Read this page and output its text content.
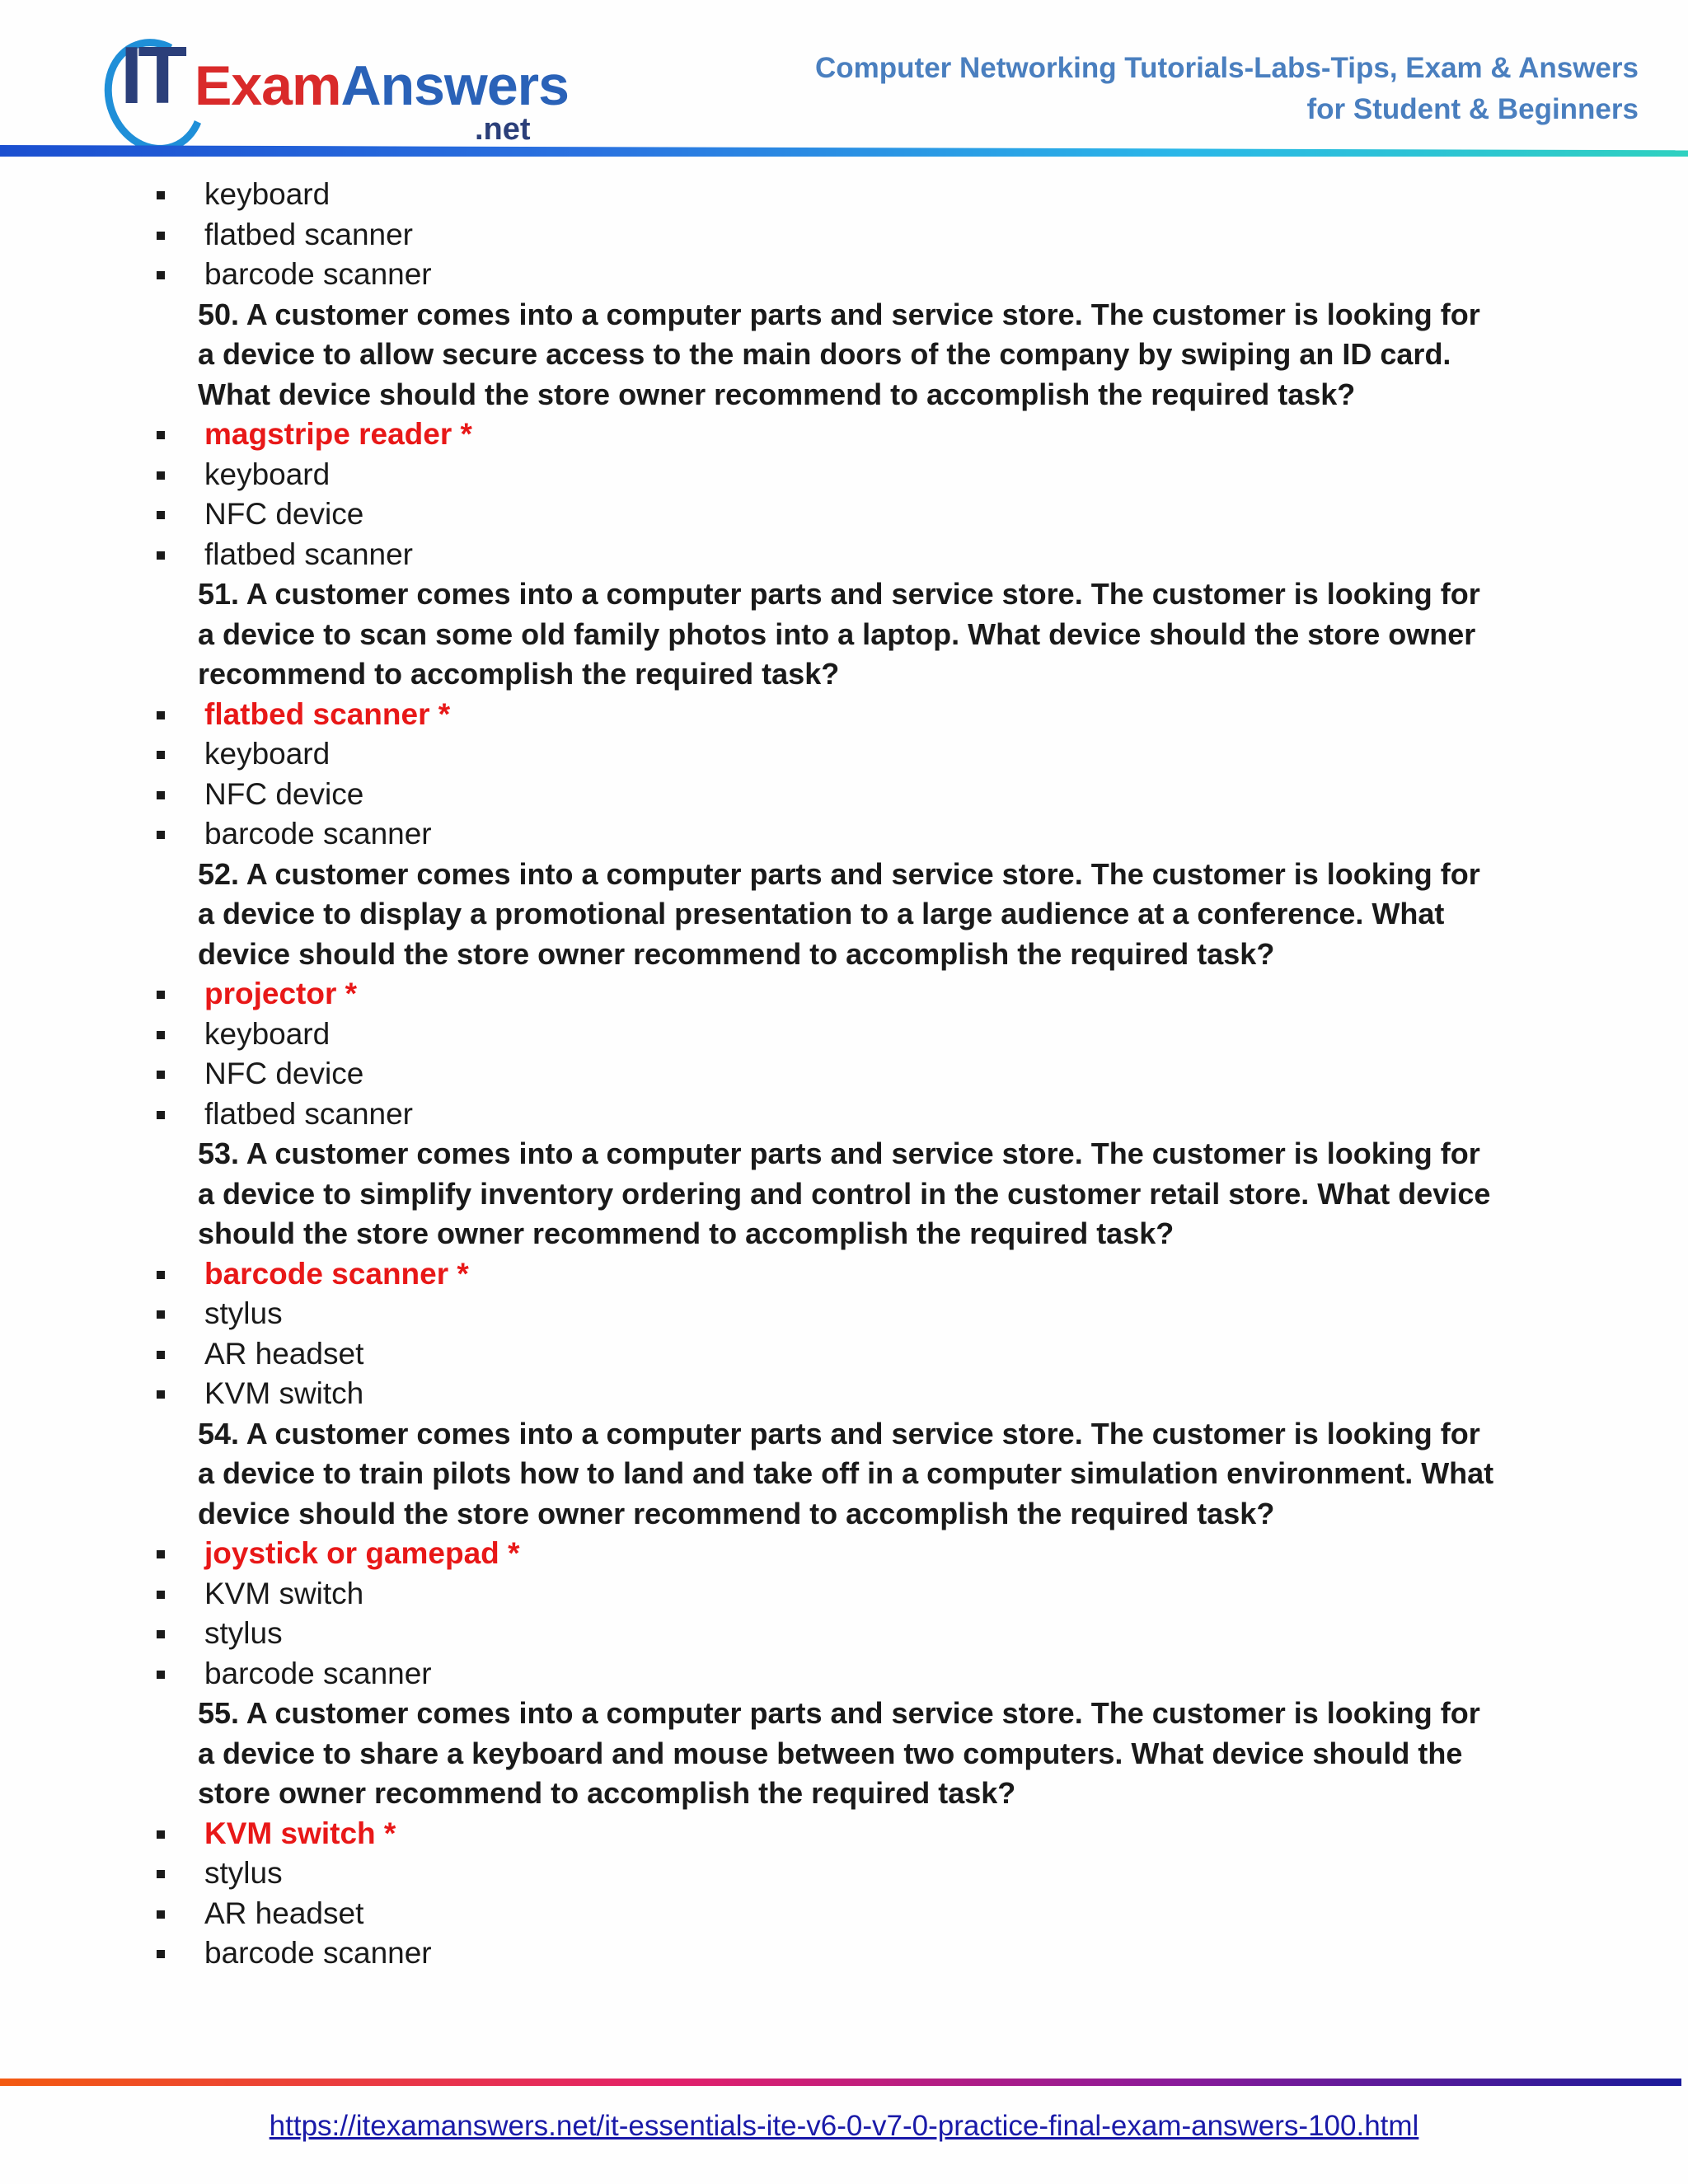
IT ExamAnswers
.net
Computer Networking Tutorials-Labs-Tips, Exam & Answers
for Student & Beginners
keyboard
flatbed scanner
barcode scanner
50. A customer comes into a computer parts and service store. The customer is looking for a device to allow secure access to the main doors of the company by swiping an ID card. What device should the store owner recommend to accomplish the required task?
magstripe reader *
keyboard
NFC device
flatbed scanner
51. A customer comes into a computer parts and service store. The customer is looking for a device to scan some old family photos into a laptop. What device should the store owner recommend to accomplish the required task?
flatbed scanner *
keyboard
NFC device
barcode scanner
52. A customer comes into a computer parts and service store. The customer is looking for a device to display a promotional presentation to a large audience at a conference. What device should the store owner recommend to accomplish the required task?
projector *
keyboard
NFC device
flatbed scanner
53. A customer comes into a computer parts and service store. The customer is looking for a device to simplify inventory ordering and control in the customer retail store. What device should the store owner recommend to accomplish the required task?
barcode scanner *
stylus
AR headset
KVM switch
54. A customer comes into a computer parts and service store. The customer is looking for a device to train pilots how to land and take off in a computer simulation environment. What device should the store owner recommend to accomplish the required task?
joystick or gamepad *
KVM switch
stylus
barcode scanner
55. A customer comes into a computer parts and service store. The customer is looking for a device to share a keyboard and mouse between two computers. What device should the store owner recommend to accomplish the required task?
KVM switch *
stylus
AR headset
barcode scanner
https://itexamanswers.net/it-essentials-ite-v6-0-v7-0-practice-final-exam-answers-100.html
